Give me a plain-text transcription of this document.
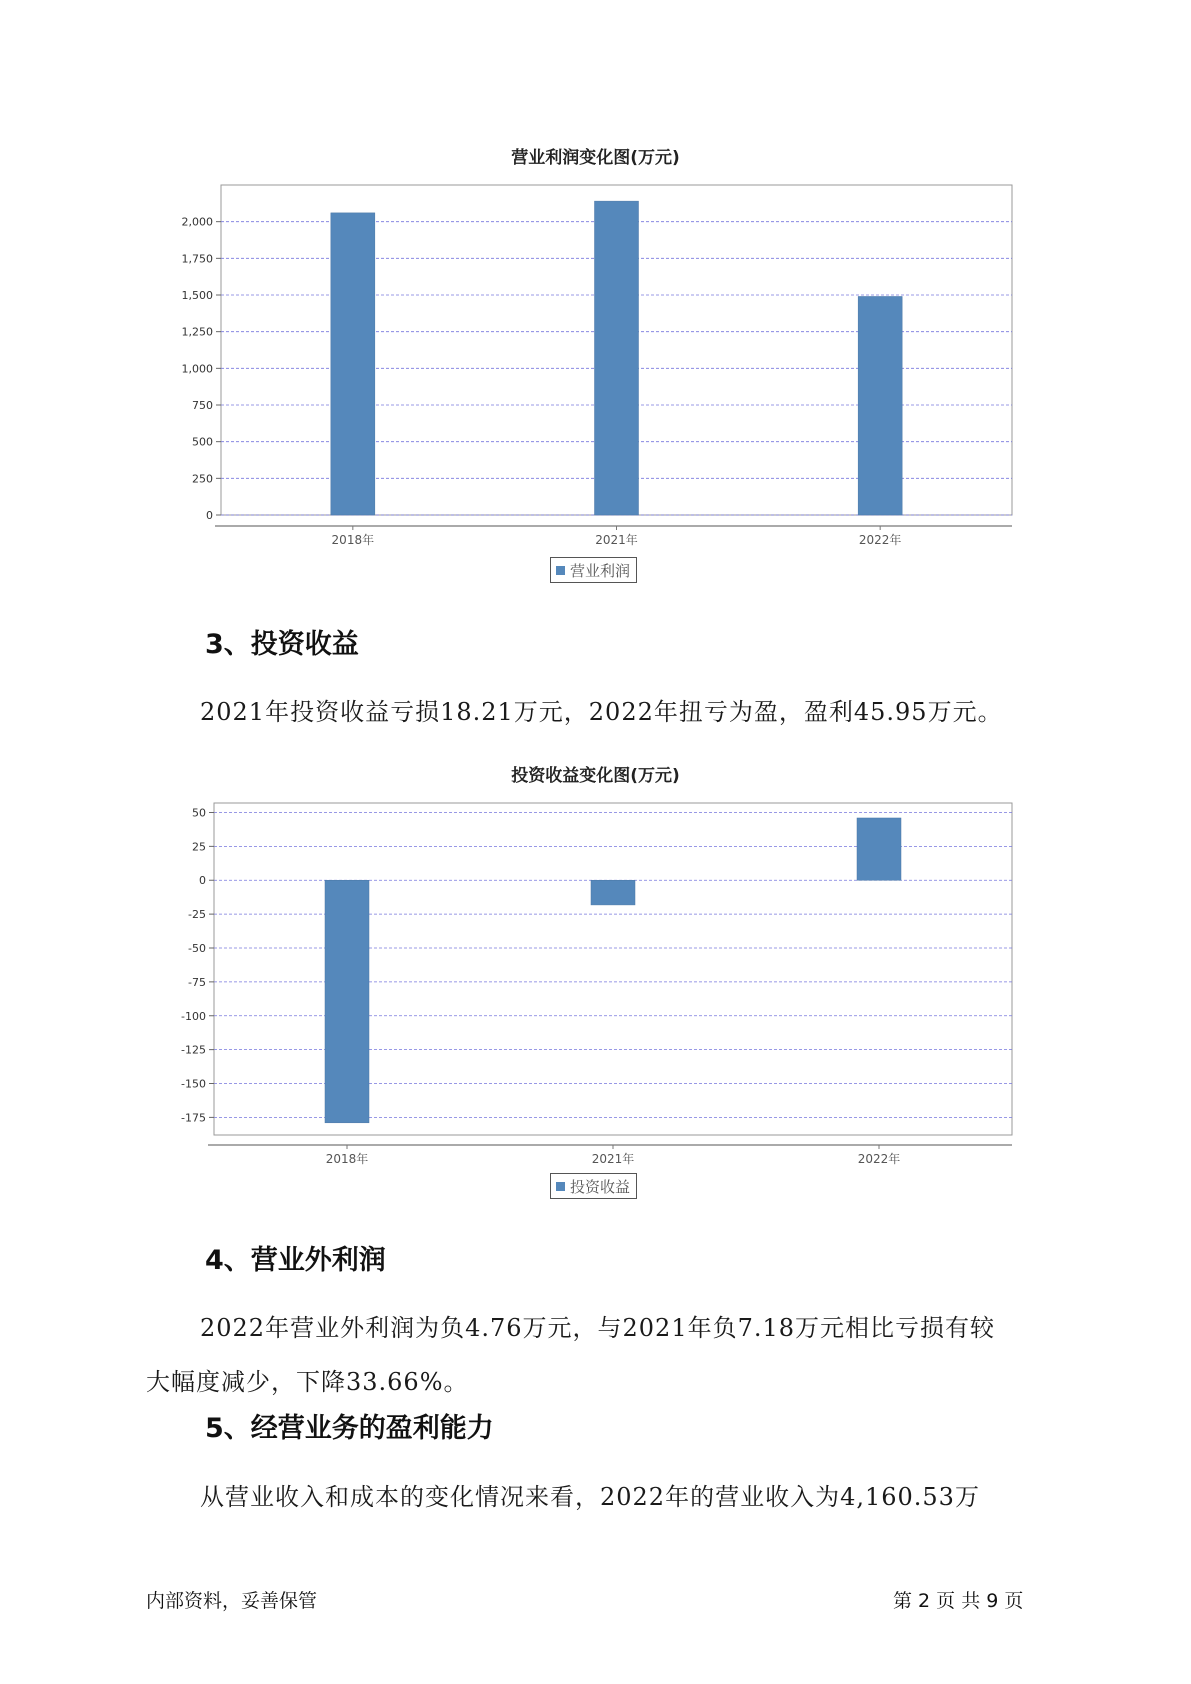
营业利润变化图(万元)
0
250
500
750
1,000
1,250
1,500
1,750
2,000
2018年	2021年	2022年
营业利润
3、投资收益
2021年投资收益亏损18.21万元，2022年扭亏为盈，盈利45.95万元。
投资收益变化图(万元)
50
25
0
-25
-50
-75
-100
-125
-150
-175
2018年	2021年	2022年
投资收益
4、营业外利润
2022年营业外利润为负4.76万元，与2021年负7.18万元相比亏损有较
大幅度减少，下降33.66%。
5、经营业务的盈利能力
从营业收入和成本的变化情况来看，2022年的营业收入为4,160.53万
内部资料，妥善保管	第 2 页 共 9 页
